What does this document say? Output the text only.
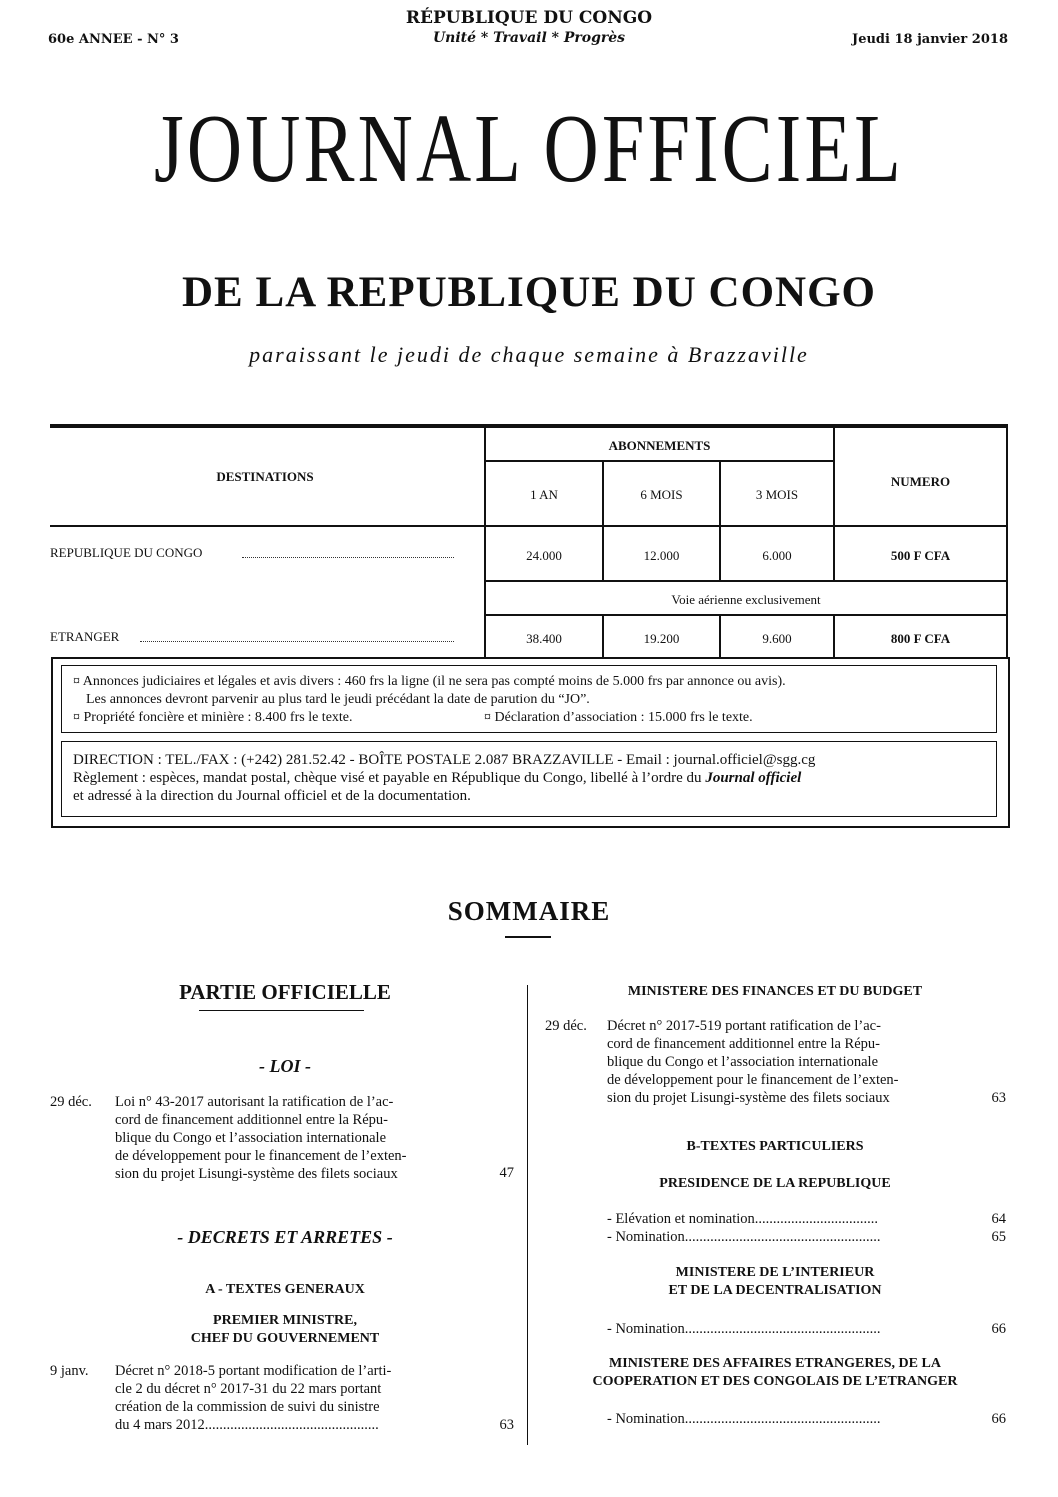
RÉPUBLIQUE DU CONGO
Unité * Travail * Progrès
60e ANNEE - N° 3	Jeudi 18 janvier 2018
JOURNAL OFFICIEL
DE LA REPUBLIQUE DU CONGO
paraissant le jeudi de chaque semaine à Brazzaville
DESTINATIONS
ABONNEMENTS
1 AN	6 MOIS	3 MOIS
NUMERO
REPUBLIQUE DU CONGO	24.000	12.000	6.000	500 F CFA
Voie aérienne exclusivement
ETRANGER	38.400	19.200	9.600	800 F CFA
¤ Annonces judiciaires et légales et avis divers : 460 frs la ligne (il ne sera pas compté moins de 5.000 frs par annonce ou avis).
Les annonces devront parvenir au plus tard le jeudi précédant la date de parution du “JO”.
¤ Propriété foncière et minière : 8.400 frs le texte.	¤ Déclaration d’association : 15.000 frs le texte.
DIRECTION : TEL./FAX : (+242) 281.52.42 - BOÎTE POSTALE 2.087 BRAZZAVILLE - Email : journal.officiel@sgg.cg
Règlement : espèces, mandat postal, chèque visé et payable en République du Congo, libellé à l’ordre du Journal officiel
et adressé à la direction du Journal officiel et de la documentation.
SOMMAIRE
PARTIE OFFICIELLE
- LOI -
29 déc. Loi n° 43-2017 autorisant la ratification de l’ac-
cord de financement additionnel entre la Répu-
blique du Congo et l’association internationale
de développement pour le financement de l’exten-
sion du projet Lisungi-système des filets sociaux	47
- DECRETS ET ARRETES -
A - TEXTES GENERAUX
PREMIER MINISTRE,
CHEF DU GOUVERNEMENT
9 janv. Décret n° 2018-5 portant modification de l’arti-
cle 2 du décret n° 2017-31 du 22 mars portant
création de la commission de suivi du sinistre
du 4 mars 2012................................................	63
MINISTERE DES FINANCES ET DU BUDGET
29 déc. Décret n° 2017-519 portant ratification de l’ac-
cord de financement additionnel entre la Répu-
blique du Congo et l’association internationale
de développement pour le financement de l’exten-
sion du projet Lisungi-système des filets sociaux	63
B-TEXTES PARTICULIERS
PRESIDENCE DE LA REPUBLIQUE
- Elévation et nomination..................................	64
- Nomination......................................................	65
MINISTERE DE L’INTERIEUR
ET DE LA DECENTRALISATION
- Nomination......................................................	66
MINISTERE DES AFFAIRES ETRANGERES, DE LA
COOPERATION ET DES CONGOLAIS DE L’ETRANGER
- Nomination......................................................	66
